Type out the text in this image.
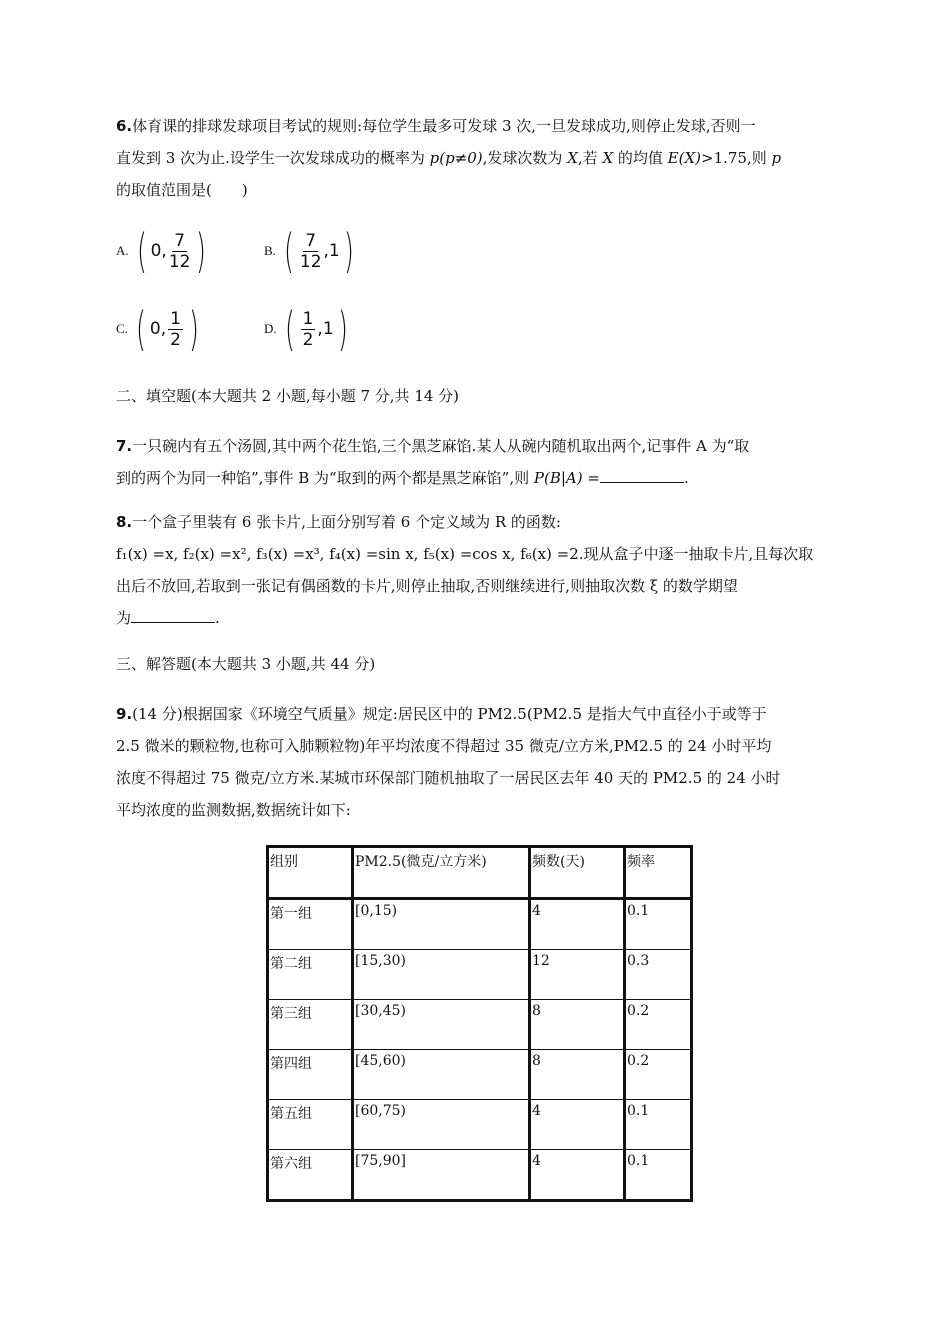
6.体育课的排球发球项目考试的规则:每位学生最多可发球 3 次,一旦发球成功,则停止发球,否则一
直发到 3 次为止.设学生一次发球成功的概率为 p(p≠0),发球次数为 X,若 X 的均值 E(X)>1.75,则 p
的取值范围是(　　)
A. ( 0, $\frac{7}{12}$ )	B. ( $\frac{7}{12} ,1$ )
C. ( 0, $\frac{1}{2}$ )	D. ( $\frac{1}{2} ,1$ )
二、填空题(本大题共 2 小题,每小题 7 分,共 14 分)
7.一只碗内有五个汤圆,其中两个花生馅,三个黑芝麻馅.某人从碗内随机取出两个,记事件 A 为“取
到的两个为同一种馅”,事件 B 为“取到的两个都是黑芝麻馅”,则 P(B|A) =	.
8.一个盒子里装有 6 张卡片,上面分别写着 6 个定义域为 R 的函数:
f₁(x) =x, f₂(x) =x², f₃(x) =x³, f₄(x) =sin x, f₅(x) =cos x, f₆(x) =2.现从盒子中逐一抽取卡片,且每次取
出后不放回,若取到一张记有偶函数的卡片,则停止抽取,否则继续进行,则抽取次数 ξ 的数学期望
为	.
三、解答题(本大题共 3 小题,共 44 分)
9.(14 分)根据国家《环境空气质量》规定:居民区中的 PM2.5(PM2.5 是指大气中直径小于或等于
2.5 微米的颗粒物,也称可入肺颗粒物)年平均浓度不得超过 35 微克/立方米,PM2.5 的 24 小时平均
浓度不得超过 75 微克/立方米.某城市环保部门随机抽取了一居民区去年 40 天的 PM2.5 的 24 小时
平均浓度的监测数据,数据统计如下:
组别	PM2.5(微克/立方米)	频数(天)	频率
第一组	[0,15)	4	0.1
第二组	[15,30)	12	0.3
第三组	[30,45)	8	0.2
第四组	[45,60)	8	0.2
第五组	[60,75)	4	0.1
第六组	[75,90]	4	0.1
